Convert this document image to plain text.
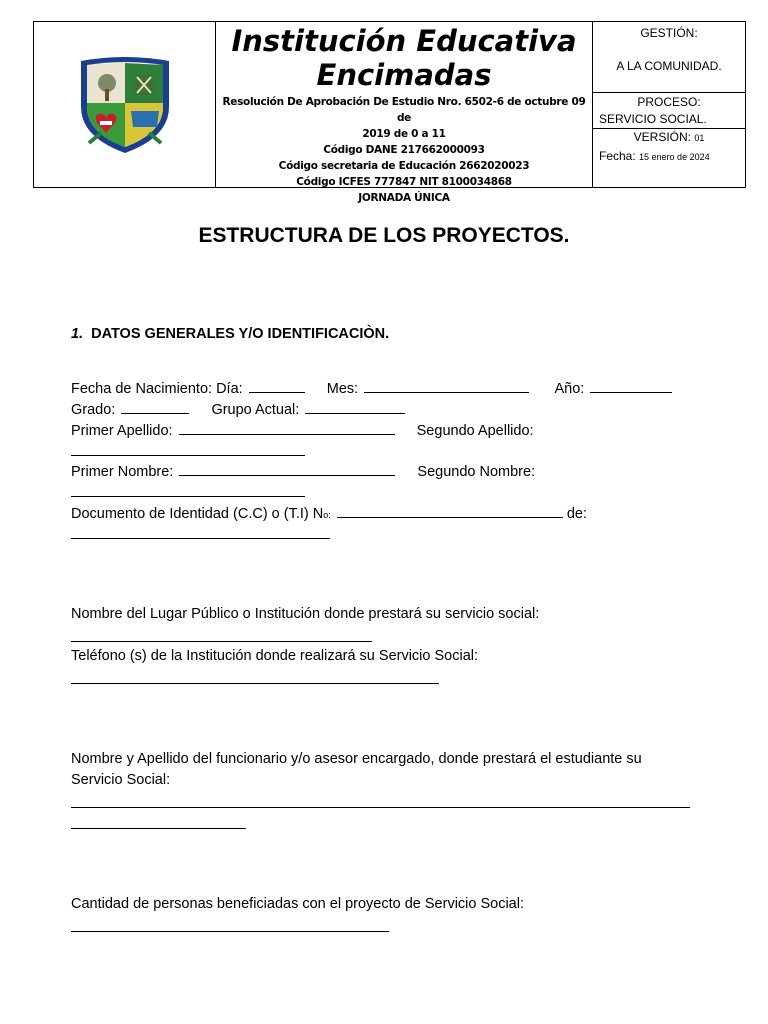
Institución Educativa

Encimadas

Resolución De Aprobación De Estudio Nro. 6502-6 de octubre 09 de

2019 de 0 a 11

Código DANE 217662000093

Código secretaria de Educación 2662020023

Código ICFES 777847 NIT 8100034868

JORNADA ÚNICA

GESTIÓN:
A LA COMUNIDAD.
PROCESO:
SERVICIO SOCIAL.
VERSIÓN: 01
Fecha: 15 enero de 2024
ESTRUCTURA DE LOS PROYECTOS.
1. DATOS GENERALES Y/O IDENTIFICACIÒN.
Fecha de Nacimiento: Día:	Mes:	Año:
Grado:	Grupo Actual:
Primer Apellido:	Segundo Apellido:
Primer Nombre:	Segundo Nombre:
Documento de Identidad (C.C) o (T.I) No:	de:
Nombre del Lugar Público o Institución donde prestará su servicio social:
Teléfono (s) de la Institución donde realizará su Servicio Social:
Nombre y Apellido del funcionario y/o asesor encargado, donde prestará el estudiante su
Servicio Social:
Cantidad de personas beneficiadas con el proyecto de Servicio Social:
